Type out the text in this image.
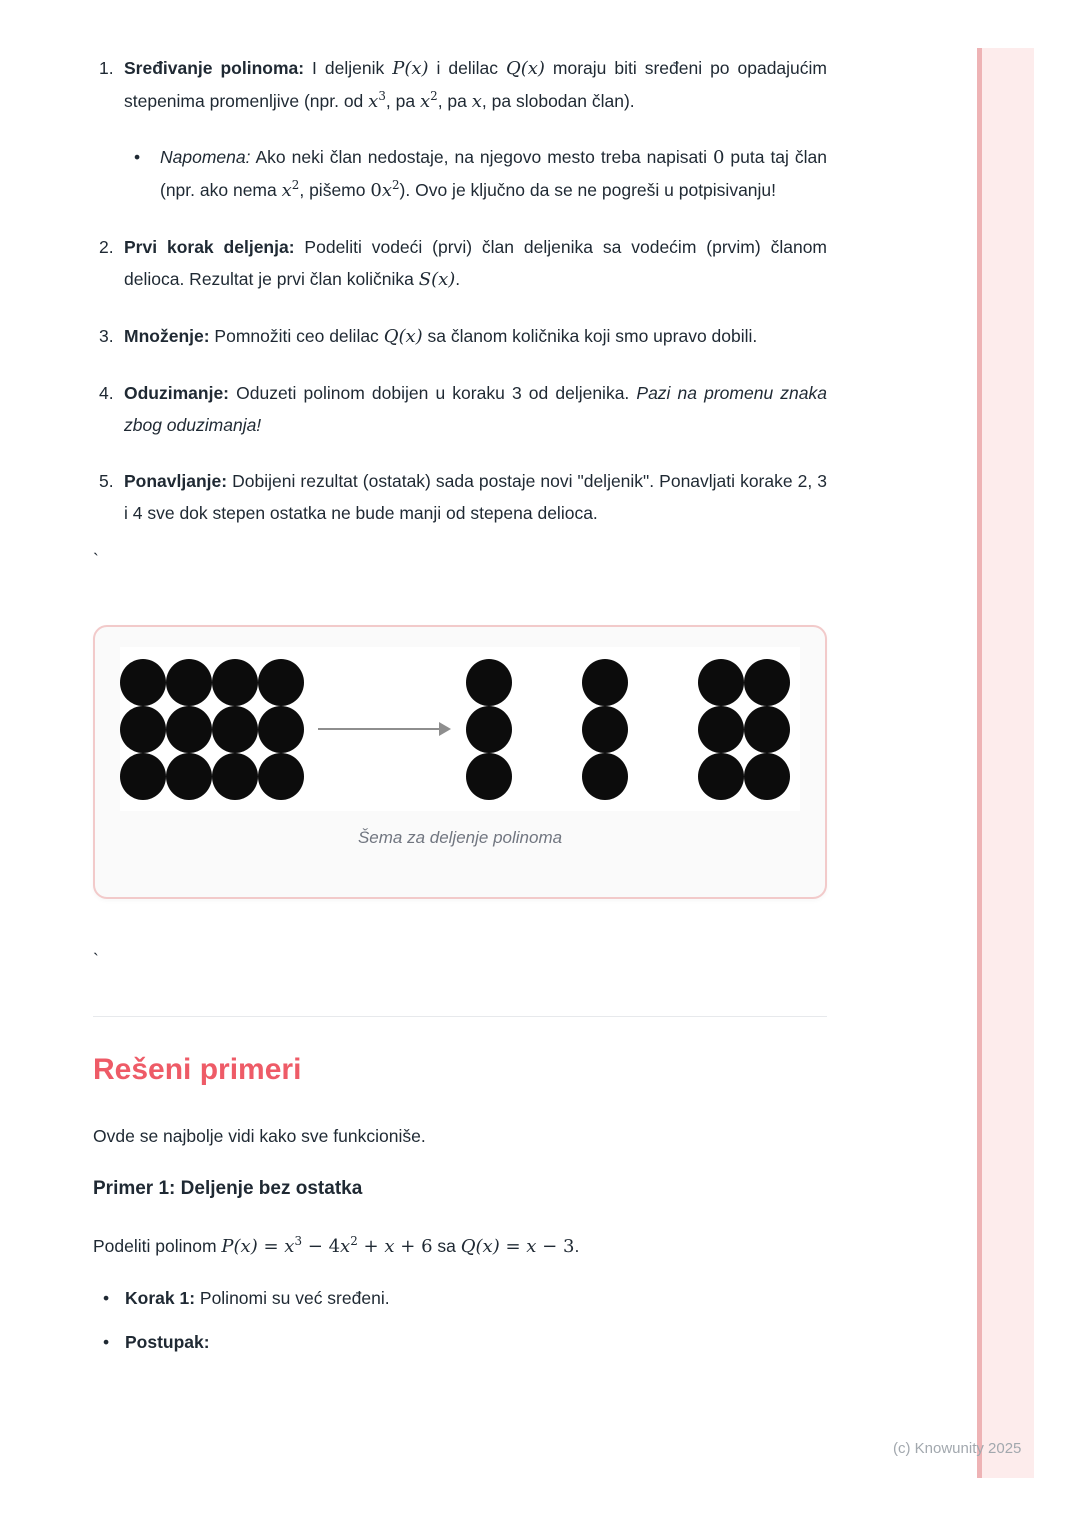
1. Sređivanje polinoma: I deljenik P(x) i delilac Q(x) moraju biti sređeni po opadajućim stepenima promenljive (npr. od $x^3$, pa $x^2$, pa x, pa slobodan član).

•	Napomena: Ako neki član nedostaje, na njegovo mesto treba napisati 0 puta taj član (npr. ako nema $x^2$, pišemo $0x^2$). Ovo je ključno da se ne pogreši u potpisivanju!

2. Prvi korak deljenja: Podeliti vodeći (prvi) član deljenika sa vodećim (prvim) članom delioca. Rezultat je prvi član količnika S(x).

3. Množenje: Pomnožiti ceo delilac Q(x) sa članom količnika koji smo upravo dobili.

4. Oduzimanje: Oduzeti polinom dobijen u koraku 3 od deljenika. Pazi na promenu znaka zbog oduzimanja!

5. Ponavljanje: Dobijeni rezultat (ostatak) sada postaje novi "deljenik". Ponavljati korake 2, 3 i 4 sve dok stepen ostatka ne bude manji od stepena delioca.

`

Šema za deljenje polinoma

`

Rešeni primeri

Ovde se najbolje vidi kako sve funkcioniše.

Primer 1: Deljenje bez ostatka

Podeliti polinom $P(x) = x^3 - 4x^2 + x + 6$ sa Q(x) = x − 3.

• Korak 1: Polinomi su već sređeni.

• Postupak:

(c) Knowunity 2025
